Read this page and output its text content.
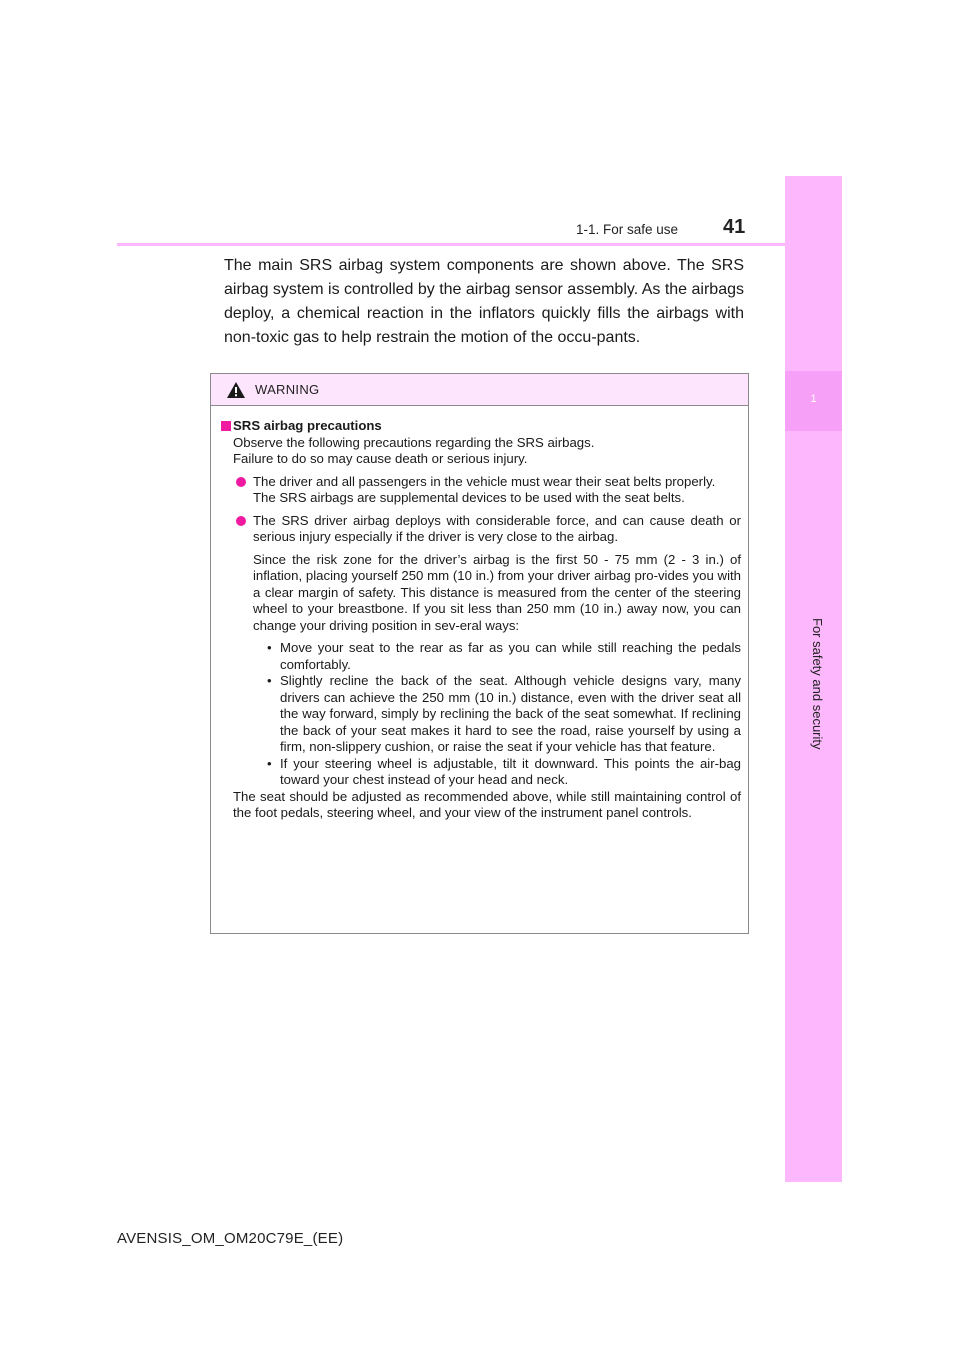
1
For safety and security
1-1. For safe use 41
The main SRS airbag system components are shown above. The SRS airbag system is controlled by the airbag sensor assembly. As the airbags deploy, a chemical reaction in the inflators quickly fills the airbags with non-toxic gas to help restrain the motion of the occu-pants.
WARNING
SRS airbag precautions
Observe the following precautions regarding the SRS airbags.
Failure to do so may cause death or serious injury.
The driver and all passengers in the vehicle must wear their seat belts properly.
The SRS airbags are supplemental devices to be used with the seat belts.
The SRS driver airbag deploys with considerable force, and can cause death or serious injury especially if the driver is very close to the airbag.
Since the risk zone for the driver’s airbag is the first 50 - 75 mm (2 - 3 in.) of inflation, placing yourself 250 mm (10 in.) from your driver airbag pro-vides you with a clear margin of safety. This distance is measured from the center of the steering wheel to your breastbone. If you sit less than 250 mm (10 in.) away now, you can change your driving position in sev-eral ways:
• Move your seat to the rear as far as you can while still reaching the pedals comfortably.
• Slightly recline the back of the seat. Although vehicle designs vary, many drivers can achieve the 250 mm (10 in.) distance, even with the driver seat all the way forward, simply by reclining the back of the seat somewhat. If reclining the back of your seat makes it hard to see the road, raise yourself by using a firm, non-slippery cushion, or raise the seat if your vehicle has that feature.
• If your steering wheel is adjustable, tilt it downward. This points the air-bag toward your chest instead of your head and neck.
The seat should be adjusted as recommended above, while still maintaining control of the foot pedals, steering wheel, and your view of the instrument panel controls.
AVENSIS_OM_OM20C79E_(EE)
